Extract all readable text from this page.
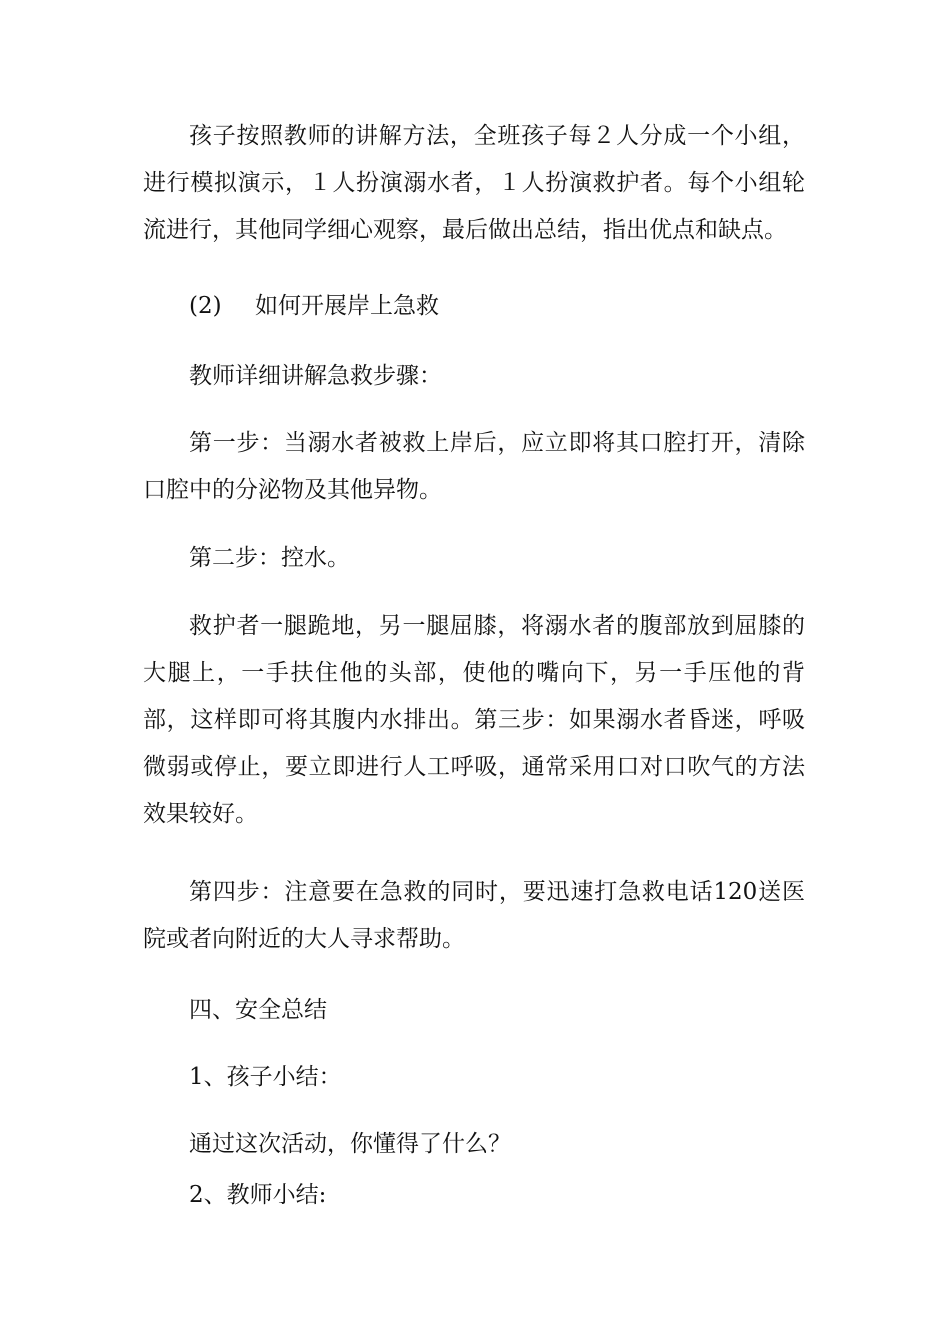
孩子按照教师的讲解方法，全班孩子每２人分成一个小组，进行模拟演示，１人扮演溺水者，１人扮演救护者。每个小组轮流进行，其他同学细心观察，最后做出总结，指出优点和缺点。

(2) 如何开展岸上急救

教师详细讲解急救步骤：

第一步：当溺水者被救上岸后，应立即将其口腔打开，清除口腔中的分泌物及其他异物。

第二步：控水。

救护者一腿跪地，另一腿屈膝，将溺水者的腹部放到屈膝的大腿上，一手扶住他的头部，使他的嘴向下，另一手压他的背部，这样即可将其腹内水排出。第三步：如果溺水者昏迷，呼吸微弱或停止，要立即进行人工呼吸，通常采用口对口吹气的方法效果较好。

第四步：注意要在急救的同时，要迅速打急救电话120送医院或者向附近的大人寻求帮助。

四、安全总结
1、孩子小结：

通过这次活动，你懂得了什么？

2、教师小结:
